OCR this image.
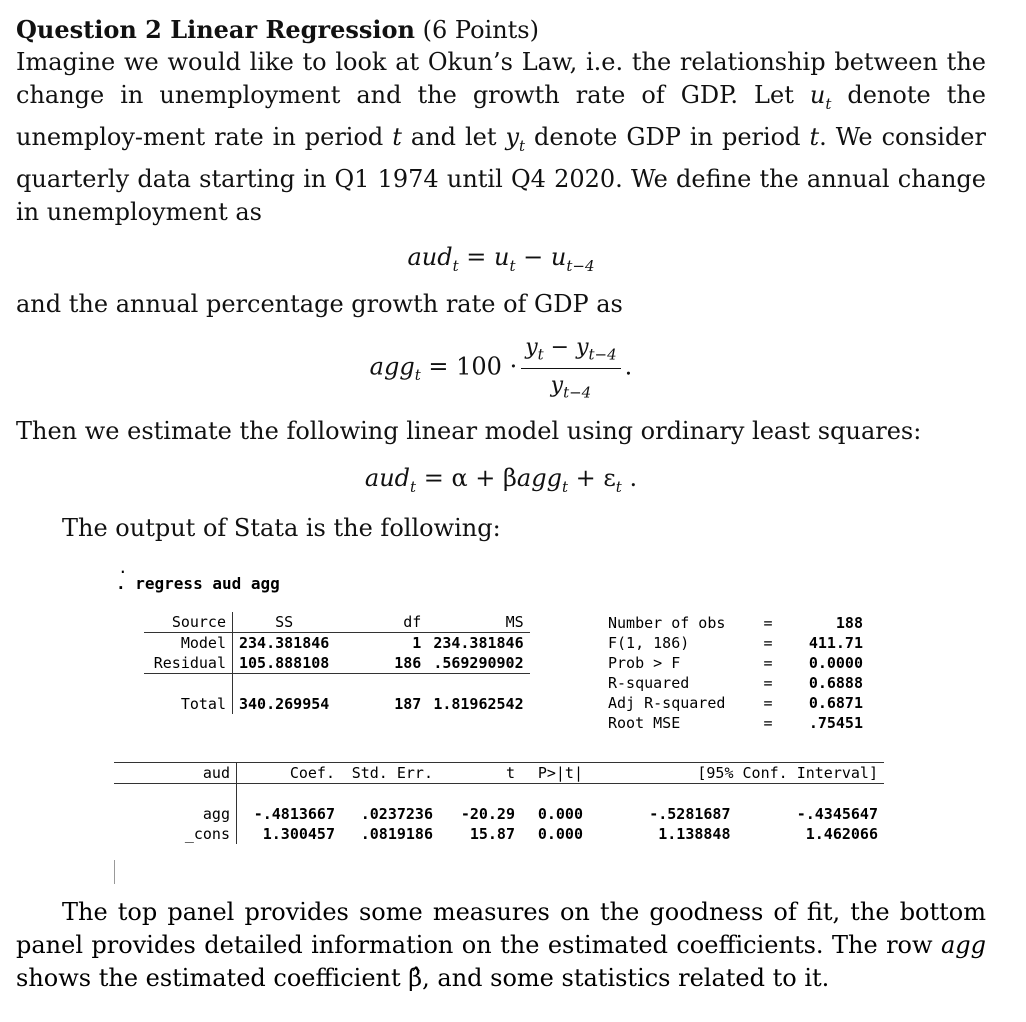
Question 2 Linear Regression (6 Points)

Imagine we would like to look at Okun’s Law, i.e. the relationship between the change in unemployment and the growth rate of GDP. Let $u_t$ denote the unemploy-ment rate in period t and let $y_t$ denote GDP in period t. We consider quarterly data starting in Q1 1974 until Q4 2020. We define the annual change in unemployment as

$aud_t = u_t - u_{t-4}$

and the annual percentage growth rate of GDP as

$agg_t = 100 \cdot \frac{y_t - y_{t-4}}{y_{t-4}}$ .

Then we estimate the following linear model using ordinary least squares:

$aud_t = \alpha + \beta agg_t + \varepsilon_t$ .

The output of Stata is the following:

.
. regress aud agg
Source	SS	df	MS
Model	234.381846	1	234.381846
Residual	105.888108	186	.569290902

Total	340.269954	187	1.81962542
aud	Coef.	Std. Err.	t	P>|t|	[95% Conf. Interval]	

agg	-.4813667	.0237236	-20.29	0.000	-.5281687	-.4345647
_cons	1.300457	.0819186	15.87	0.000	1.138848	1.462066
Number of obs	=	188
F(1, 186)	= 411.71
Prob > F	= 0.0000
R-squared	= 0.6888
Adj R-squared	= 0.6871
Root MSE	= .75451

The top panel provides some measures on the goodness of fit, the bottom panel provides detailed information on the estimated coefficients. The row agg shows the estimated coefficient β̂, and some statistics related to it.
